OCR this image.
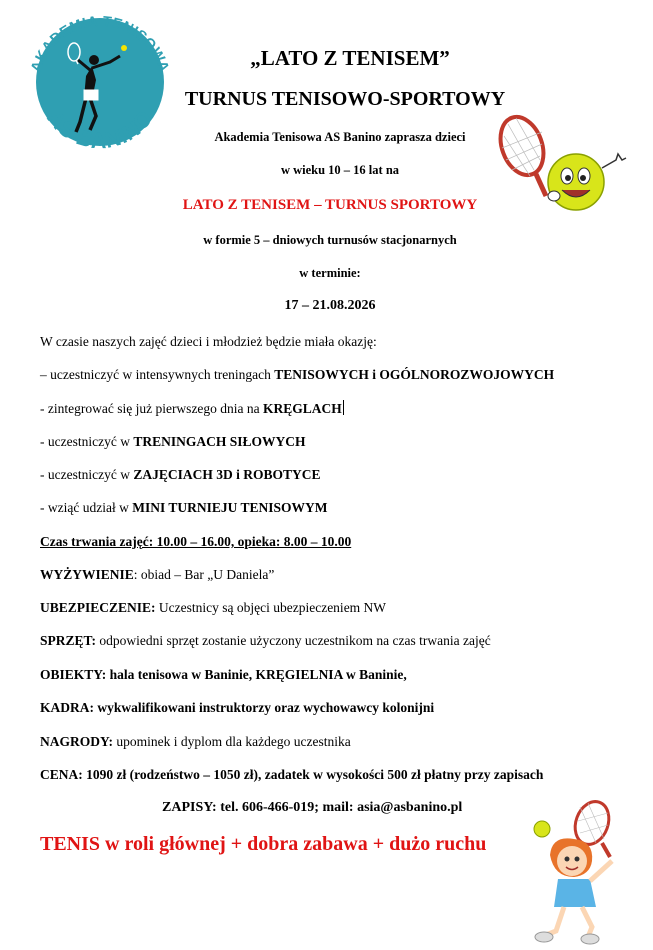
AKADEMIA TENISOWA
AS BANINO
„LATO Z TENISEM”
TURNUS TENISOWO-SPORTOWY
Akademia Tenisowa AS Banino zaprasza dzieci
w wieku 10 – 16 lat na
LATO Z TENISEM – TURNUS SPORTOWY
w formie 5 – dniowych turnusów stacjonarnych
w terminie:
17 – 21.08.2026
W czasie naszych zajęć dzieci i młodzież będzie miała okazję:
– uczestniczyć w intensywnych treningach TENISOWYCH i OGÓLNOROZWOJOWYCH
- zintegrować się już pierwszego dnia na KRĘGLACH
- uczestniczyć w TRENINGACH SIŁOWYCH
- uczestniczyć w ZAJĘCIACH 3D i ROBOTYCE
- wziąć udział w MINI TURNIEJU TENISOWYM
Czas trwania zajęć: 10.00 – 16.00, opieka: 8.00 – 10.00
WYŻYWIENIE: obiad – Bar „U Daniela”
UBEZPIECZENIE: Uczestnicy są objęci ubezpieczeniem NW
SPRZĘT: odpowiedni sprzęt zostanie użyczony uczestnikom na czas trwania zajęć
OBIEKTY: hala tenisowa w Baninie, KRĘGIELNIA w Baninie,
KADRA: wykwalifikowani instruktorzy oraz wychowawcy kolonijni
NAGRODY: upominek i dyplom dla każdego uczestnika
CENA: 1090 zł (rodzeństwo – 1050 zł), zadatek w wysokości 500 zł płatny przy zapisach
ZAPISY: tel. 606-466-019; mail: asia@asbanino.pl
TENIS w roli głównej + dobra zabawa + dużo ruchu
